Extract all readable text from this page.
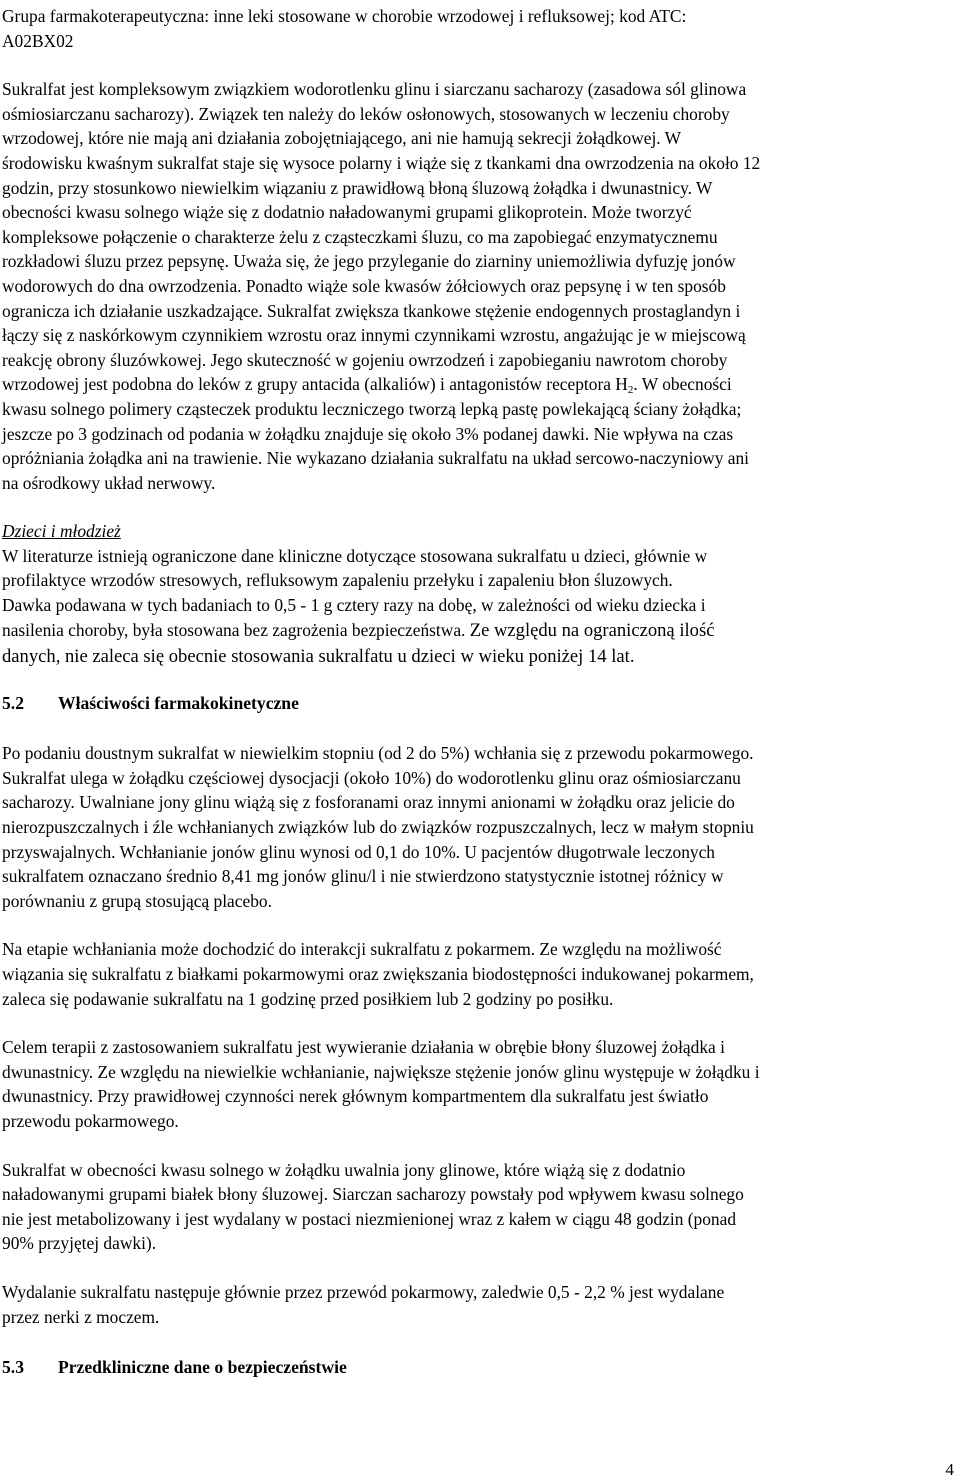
Grupa farmakoterapeutyczna: inne leki stosowane w chorobie wrzodowej i refluksowej; kod ATC:
A02BX02

Sukralfat jest kompleksowym związkiem wodorotlenku glinu i siarczanu sacharozy (zasadowa sól glinowa
ośmiosiarczanu sacharozy). Związek ten należy do leków osłonowych, stosowanych w leczeniu choroby
wrzodowej, które nie mają ani działania zobojętniającego, ani nie hamują sekrecji żołądkowej. W
środowisku kwaśnym sukralfat staje się wysoce polarny i wiąże się z tkankami dna owrzodzenia na około 12
godzin, przy stosunkowo niewielkim wiązaniu z prawidłową błoną śluzową żołądka i dwunastnicy. W
obecności kwasu solnego wiąże się z dodatnio naładowanymi grupami glikoprotein. Może tworzyć
kompleksowe połączenie o charakterze żelu z cząsteczkami śluzu, co ma zapobiegać enzymatycznemu
rozkładowi śluzu przez pepsynę. Uważa się, że jego przyleganie do ziarniny uniemożliwia dyfuzję jonów
wodorowych do dna owrzodzenia. Ponadto wiąże sole kwasów żółciowych oraz pepsynę i w ten sposób
ogranicza ich działanie uszkadzające. Sukralfat zwiększa tkankowe stężenie endogennych prostaglandyn i
łączy się z naskórkowym czynnikiem wzrostu oraz innymi czynnikami wzrostu, angażując je w miejscową
reakcję obrony śluzówkowej. Jego skuteczność w gojeniu owrzodzeń i zapobieganiu nawrotom choroby
wrzodowej jest podobna do leków z grupy antacida (alkaliów) i antagonistów receptora $H_2$. W obecności
kwasu solnego polimery cząsteczek produktu leczniczego tworzą lepką pastę powlekającą ściany żołądka;
jeszcze po 3 godzinach od podania w żołądku znajduje się około 3% podanej dawki. Nie wpływa na czas
opróżniania żołądka ani na trawienie. Nie wykazano działania sukralfatu na układ sercowo-naczyniowy ani
na ośrodkowy układ nerwowy.

Dzieci i młodzież

W literaturze istnieją ograniczone dane kliniczne dotyczące stosowana sukralfatu u dzieci, głównie w
profilaktyce wrzodów stresowych, refluksowym zapaleniu przełyku i zapaleniu błon śluzowych.
Dawka podawana w tych badaniach to 0,5 - 1 g cztery razy na dobę, w zależności od wieku dziecka i
nasilenia choroby, była stosowana bez zagrożenia bezpieczeństwa. Ze względu na ograniczoną ilość
danych, nie zaleca się obecnie stosowania sukralfatu u dzieci w wieku poniżej 14 lat.

5.2	Właściwości farmakokinetyczne

Po podaniu doustnym sukralfat w niewielkim stopniu (od 2 do 5%) wchłania się z przewodu pokarmowego.
Sukralfat ulega w żołądku częściowej dysocjacji (około 10%) do wodorotlenku glinu oraz ośmiosiarczanu
sacharozy. Uwalniane jony glinu wiążą się z fosforanami oraz innymi anionami w żołądku oraz jelicie do
nierozpuszczalnych i źle wchłanianych związków lub do związków rozpuszczalnych, lecz w małym stopniu
przyswajalnych. Wchłanianie jonów glinu wynosi od 0,1 do 10%. U pacjentów długotrwale leczonych
sukralfatem oznaczano średnio 8,41 mg jonów glinu/l i nie stwierdzono statystycznie istotnej różnicy w
porównaniu z grupą stosującą placebo.

Na etapie wchłaniania może dochodzić do interakcji sukralfatu z pokarmem. Ze względu na możliwość
wiązania się sukralfatu z białkami pokarmowymi oraz zwiększania biodostępności indukowanej pokarmem,
zaleca się podawanie sukralfatu na 1 godzinę przed posiłkiem lub 2 godziny po posiłku.

Celem terapii z zastosowaniem sukralfatu jest wywieranie działania w obrębie błony śluzowej żołądka i
dwunastnicy. Ze względu na niewielkie wchłanianie, największe stężenie jonów glinu występuje w żołądku i
dwunastnicy. Przy prawidłowej czynności nerek głównym kompartmentem dla sukralfatu jest światło
przewodu pokarmowego.

Sukralfat w obecności kwasu solnego w żołądku uwalnia jony glinowe, które wiążą się z dodatnio
naładowanymi grupami białek błony śluzowej. Siarczan sacharozy powstały pod wpływem kwasu solnego
nie jest metabolizowany i jest wydalany w postaci niezmienionej wraz z kałem w ciągu 48 godzin (ponad
90% przyjętej dawki).

Wydalanie sukralfatu następuje głównie przez przewód pokarmowy, zaledwie 0,5 - 2,2 % jest wydalane
przez nerki z moczem.

5.3	Przedkliniczne dane o bezpieczeństwie
4
